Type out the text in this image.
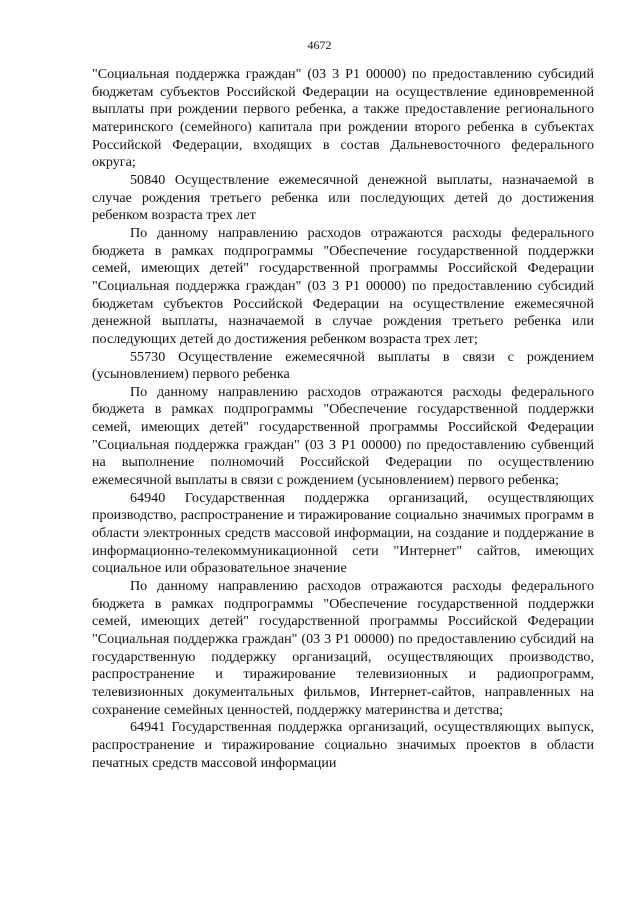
4672

"Социальная поддержка граждан" (03 3 Р1 00000) по предоставлению субсидий бюджетам субъектов Российской Федерации на осуществление единовременной выплаты при рождении первого ребенка, а также предоставление регионального материнского (семейного) капитала при рождении второго ребенка в субъектах Российской Федерации, входящих в состав Дальневосточного федерального округа;

50840 Осуществление ежемесячной денежной выплаты, назначаемой в случае рождения третьего ребенка или последующих детей до достижения ребенком возраста трех лет

По данному направлению расходов отражаются расходы федерального бюджета в рамках подпрограммы "Обеспечение государственной поддержки семей, имеющих детей" государственной программы Российской Федерации "Социальная поддержка граждан" (03 3 Р1 00000) по предоставлению субсидий бюджетам субъектов Российской Федерации на осуществление ежемесячной денежной выплаты, назначаемой в случае рождения третьего ребенка или последующих детей до достижения ребенком возраста трех лет;

55730 Осуществление ежемесячной выплаты в связи с рождением (усыновлением) первого ребенка

По данному направлению расходов отражаются расходы федерального бюджета в рамках подпрограммы "Обеспечение государственной поддержки семей, имеющих детей" государственной программы Российской Федерации "Социальная поддержка граждан" (03 3 Р1 00000) по предоставлению субвенций на выполнение полномочий Российской Федерации по осуществлению ежемесячной выплаты в связи с рождением (усыновлением) первого ребенка;

64940 Государственная поддержка организаций, осуществляющих производство, распространение и тиражирование социально значимых программ в области электронных средств массовой информации, на создание и поддержание в информационно-телекоммуникационной сети "Интернет" сайтов, имеющих социальное или образовательное значение

По данному направлению расходов отражаются расходы федерального бюджета в рамках подпрограммы "Обеспечение государственной поддержки семей, имеющих детей" государственной программы Российской Федерации "Социальная поддержка граждан" (03 3 Р1 00000) по предоставлению субсидий на государственную поддержку организаций, осуществляющих производство, распространение и тиражирование телевизионных и радиопрограмм, телевизионных документальных фильмов, Интернет-сайтов, направленных на сохранение семейных ценностей, поддержку материнства и детства;

64941 Государственная поддержка организаций, осуществляющих выпуск, распространение и тиражирование социально значимых проектов в области печатных средств массовой информации
